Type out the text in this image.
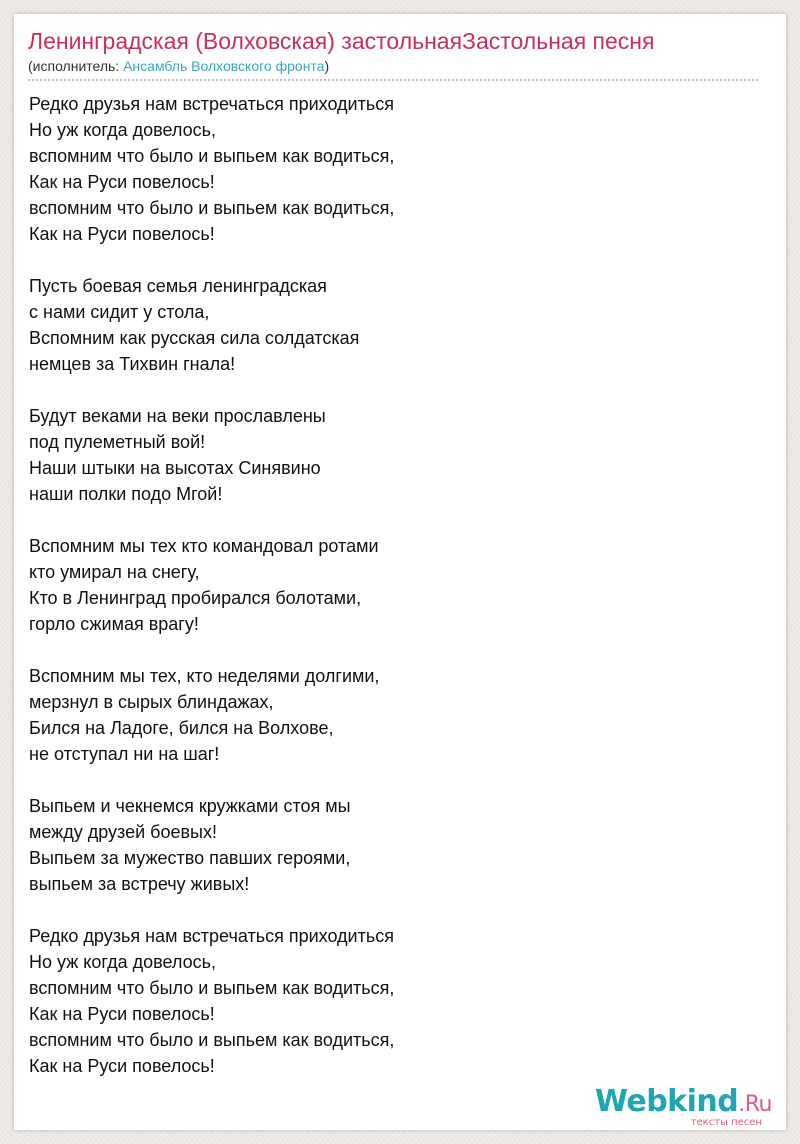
Ленинградская (Волховская) застольнаяЗастольная песня
(исполнитель: Ансамбль Волховского фронта)
Редко друзья нам встречаться приходиться
Но уж когда довелось,
вспомним что было и выпьем как водиться,
Как на Руси повелось!
вспомним что было и выпьем как водиться,
Как на Руси повелось!
Пусть боевая семья ленинградская
с нами сидит у стола,
Вспомним как русская сила солдатская
немцев за Тихвин гнала!
Будут веками на веки прославлены
под пулеметный вой!
Наши штыки на высотах Синявино
наши полки подо Мгой!
Вспомним мы тех кто командовал ротами
кто умирал на снегу,
Кто в Ленинград пробирался болотами,
горло сжимая врагу!
Вспомним мы тех, кто неделями долгими,
мерзнул в сырых блиндажах,
Бился на Ладоге, бился на Волхове,
не отступал ни на шаг!
Выпьем и чекнемся кружками стоя мы
между друзей боевых!
Выпьем за мужество павших героями,
выпьем за встречу живых!
Редко друзья нам встречаться приходиться
Но уж когда довелось,
вспомним что было и выпьем как водиться,
Как на Руси повелось!
вспомним что было и выпьем как водиться,
Как на Руси повелось!
Webkind.Ru
тексты песен
